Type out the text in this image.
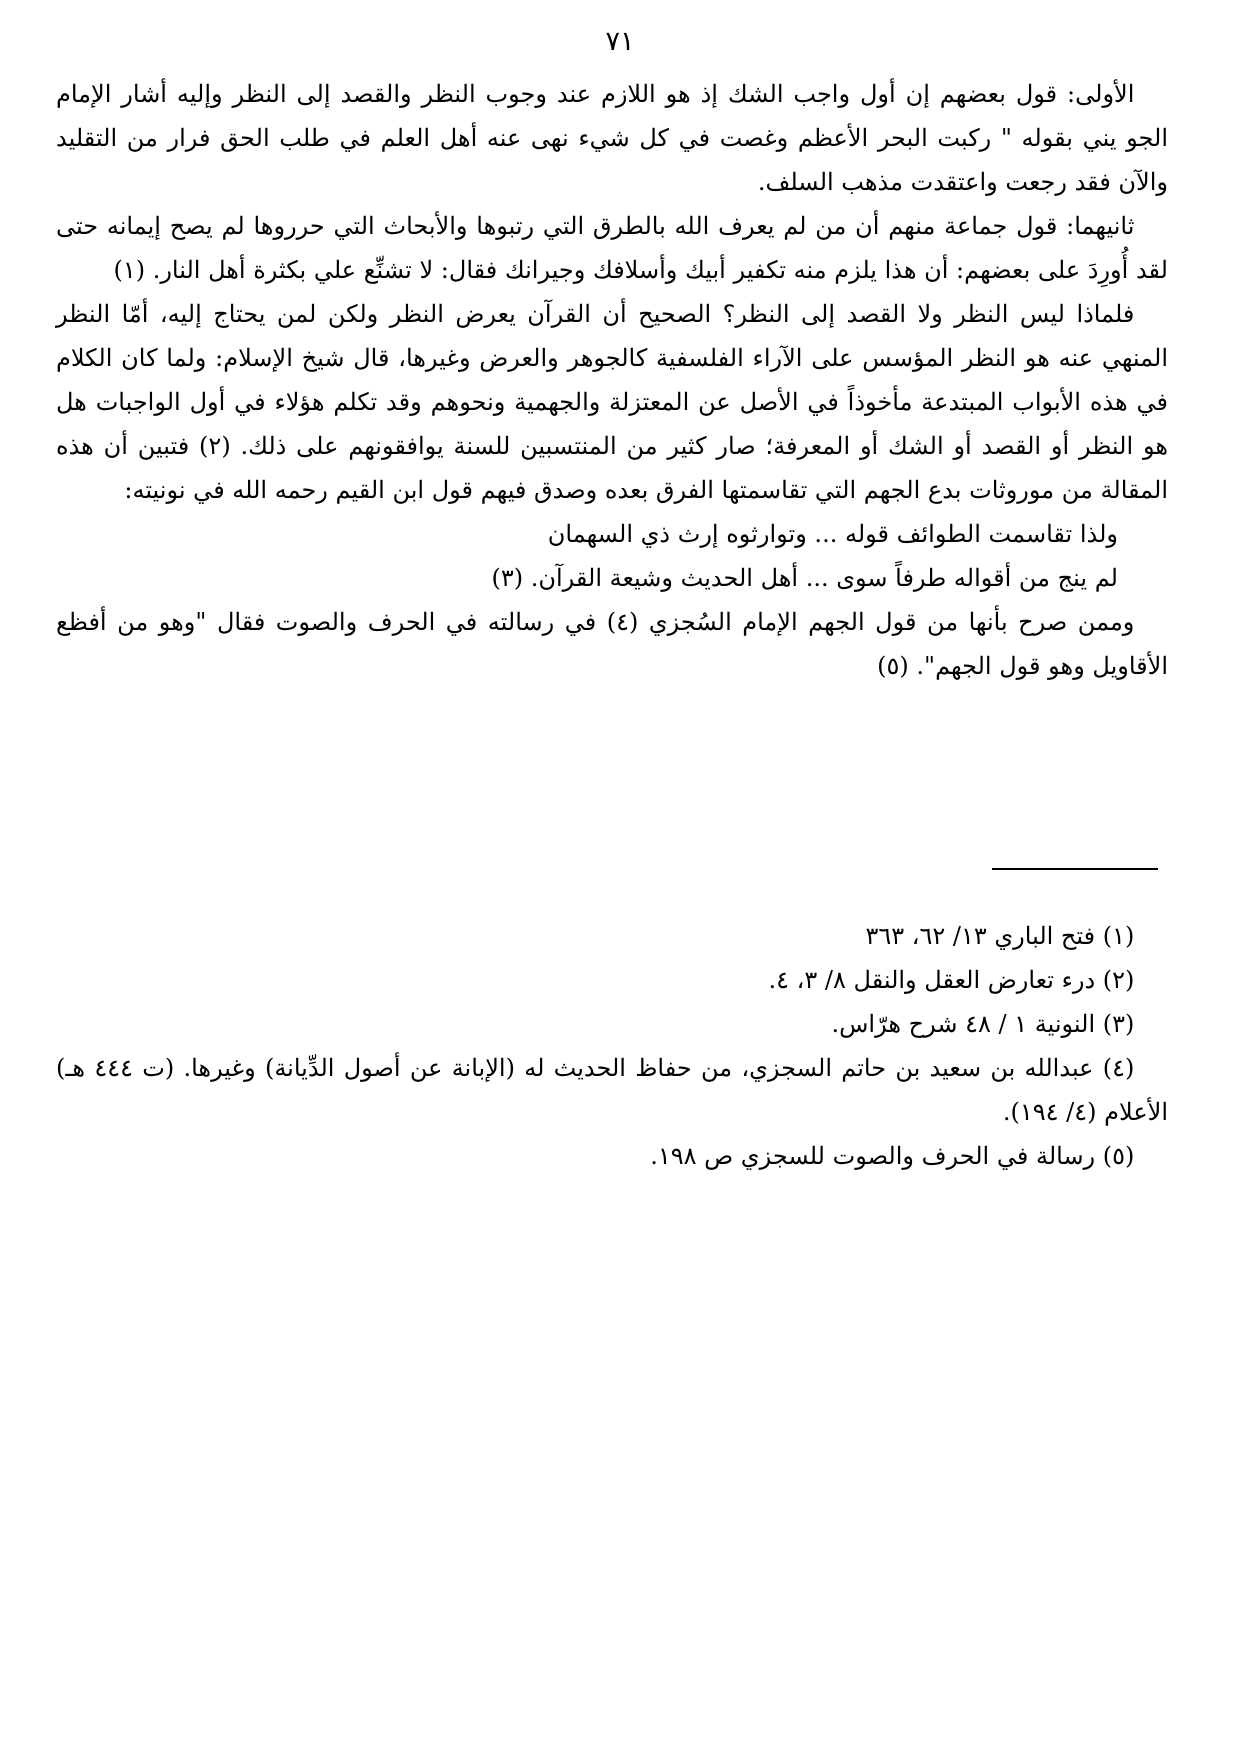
٧١

الأولى: قول بعضهم إن أول واجب الشك إذ هو اللازم عند وجوب النظر والقصد إلى النظر وإليه أشار الإمام الجو يني بقوله " ركبت البحر الأعظم وغصت في كل شيء نهى عنه أهل العلم في طلب الحق فرار من التقليد والآن فقد رجعت واعتقدت مذهب السلف.

ثانيهما: قول جماعة منهم أن من لم يعرف الله بالطرق التي رتبوها والأبحاث التي حرروها لم يصح إيمانه حتى لقد أُورِدَ على بعضهم: أن هذا يلزم منه تكفير أبيك وأسلافك وجيرانك فقال: لا تشنِّع علي بكثرة أهل النار. (١)

فلماذا ليس النظر ولا القصد إلى النظر؟ الصحيح أن القرآن يعرض النظر ولكن لمن يحتاج إليه، أمّا النظر المنهي عنه هو النظر المؤسس على الآراء الفلسفية كالجوهر والعرض وغيرها، قال شيخ الإسلام: ولما كان الكلام في هذه الأبواب المبتدعة مأخوذاً في الأصل عن المعتزلة والجهمية ونحوهم وقد تكلم هؤلاء في أول الواجبات هل هو النظر أو القصد أو الشك أو المعرفة؛ صار كثير من المنتسبين للسنة يوافقونهم على ذلك. (٢) فتبين أن هذه المقالة من موروثات بدع الجهم التي تقاسمتها الفرق بعده وصدق فيهم قول ابن القيم رحمه الله في نونيته:

ولذا تقاسمت الطوائف قوله ... وتوارثوه إرث ذي السهمان

لم ينج من أقواله طرفاً سوى ... أهل الحديث وشيعة القرآن. (٣)

وممن صرح بأنها من قول الجهم الإمام السُجزي (٤) في رسالته في الحرف والصوت فقال "وهو من أفظع الأقاويل وهو قول الجهم". (٥)

(١) فتح الباري ١٣/ ٦٢، ٣٦٣

(٢) درء تعارض العقل والنقل ٨/ ٣، ٤.

(٣) النونية ١ / ٤٨ شرح هرّاس.

(٤) عبدالله بن سعيد بن حاتم السجزي، من حفاظ الحديث له (الإبانة عن أصول الدِّيانة) وغيرها. (ت ٤٤٤ هـ) الأعلام (٤/ ١٩٤).

(٥) رسالة في الحرف والصوت للسجزي ص ١٩٨.
